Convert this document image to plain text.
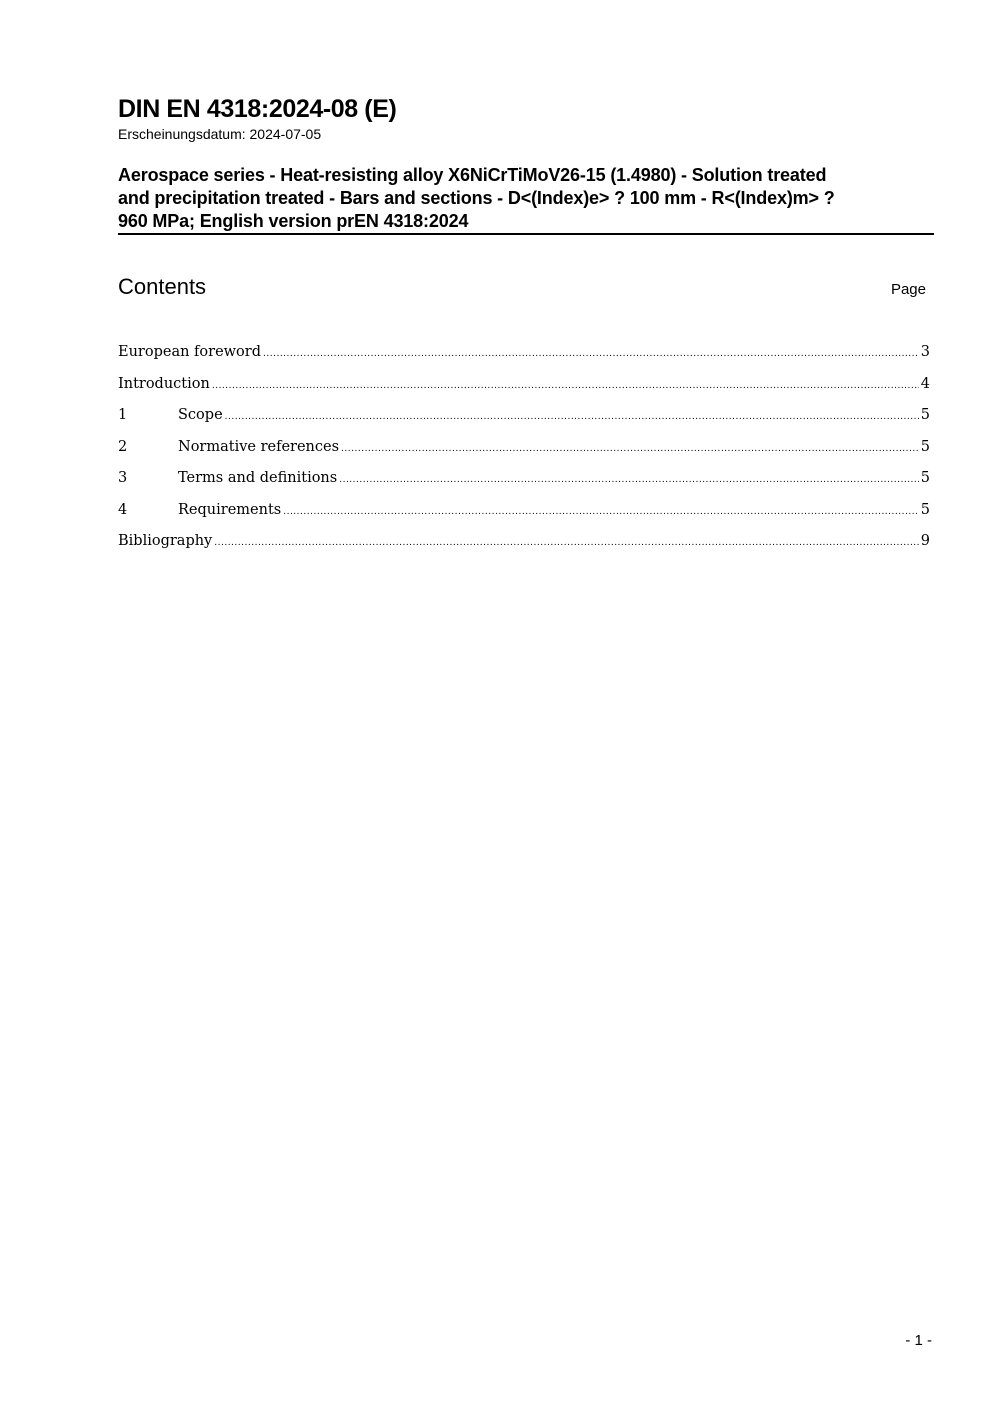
DIN EN 4318:2024-08 (E)
Erscheinungsdatum: 2024-07-05
Aerospace series - Heat-resisting alloy X6NiCrTiMoV26-15 (1.4980) - Solution treated
and precipitation treated - Bars and sections - D<(Index)e> ? 100 mm - R<(Index)m> ?
960 MPa; English version prEN 4318:2024
Contents	Page
European foreword .....	3
Introduction .....	4
1	Scope .....	5
2	Normative references .....	5
3	Terms and definitions .....	5
4	Requirements .....	5
Bibliography .....	9
- 1 -
